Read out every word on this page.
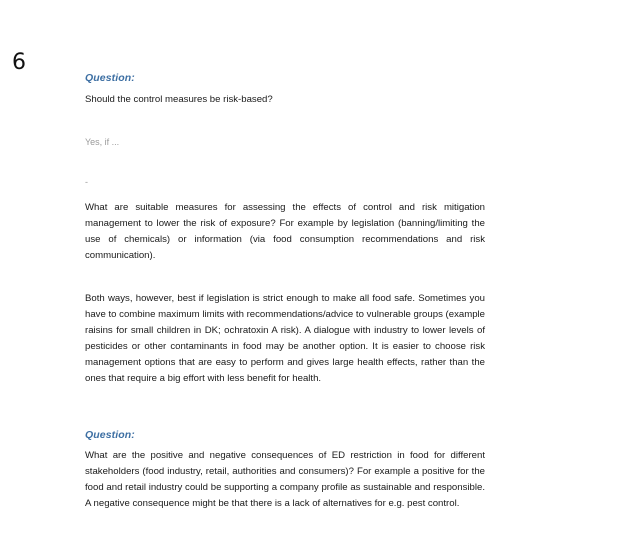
6

Question:

Should the control measures be risk-based?

Yes, if ...

-

What are suitable measures for assessing the effects of control and risk mitigation management to lower the risk of exposure? For example by legislation (banning/limiting the use of chemicals) or information (via food consumption recommendations and risk communication).

Both ways, however, best if legislation is strict enough to make all food safe. Sometimes you have to combine maximum limits with recommendations/advice to vulnerable groups (example raisins for small children in DK; ochratoxin A risk). A dialogue with industry to lower levels of pesticides or other contaminants in food may be another option. It is easier to choose risk management options that are easy to perform and gives large health effects, rather than the ones that require a big effort with less benefit for health.

Question:

What are the positive and negative consequences of ED restriction in food for different stakeholders (food industry, retail, authorities and consumers)? For example a positive for the food and retail industry could be supporting a company profile as sustainable and responsible. A negative consequence might be that there is a lack of alternatives for e.g. pest control.
